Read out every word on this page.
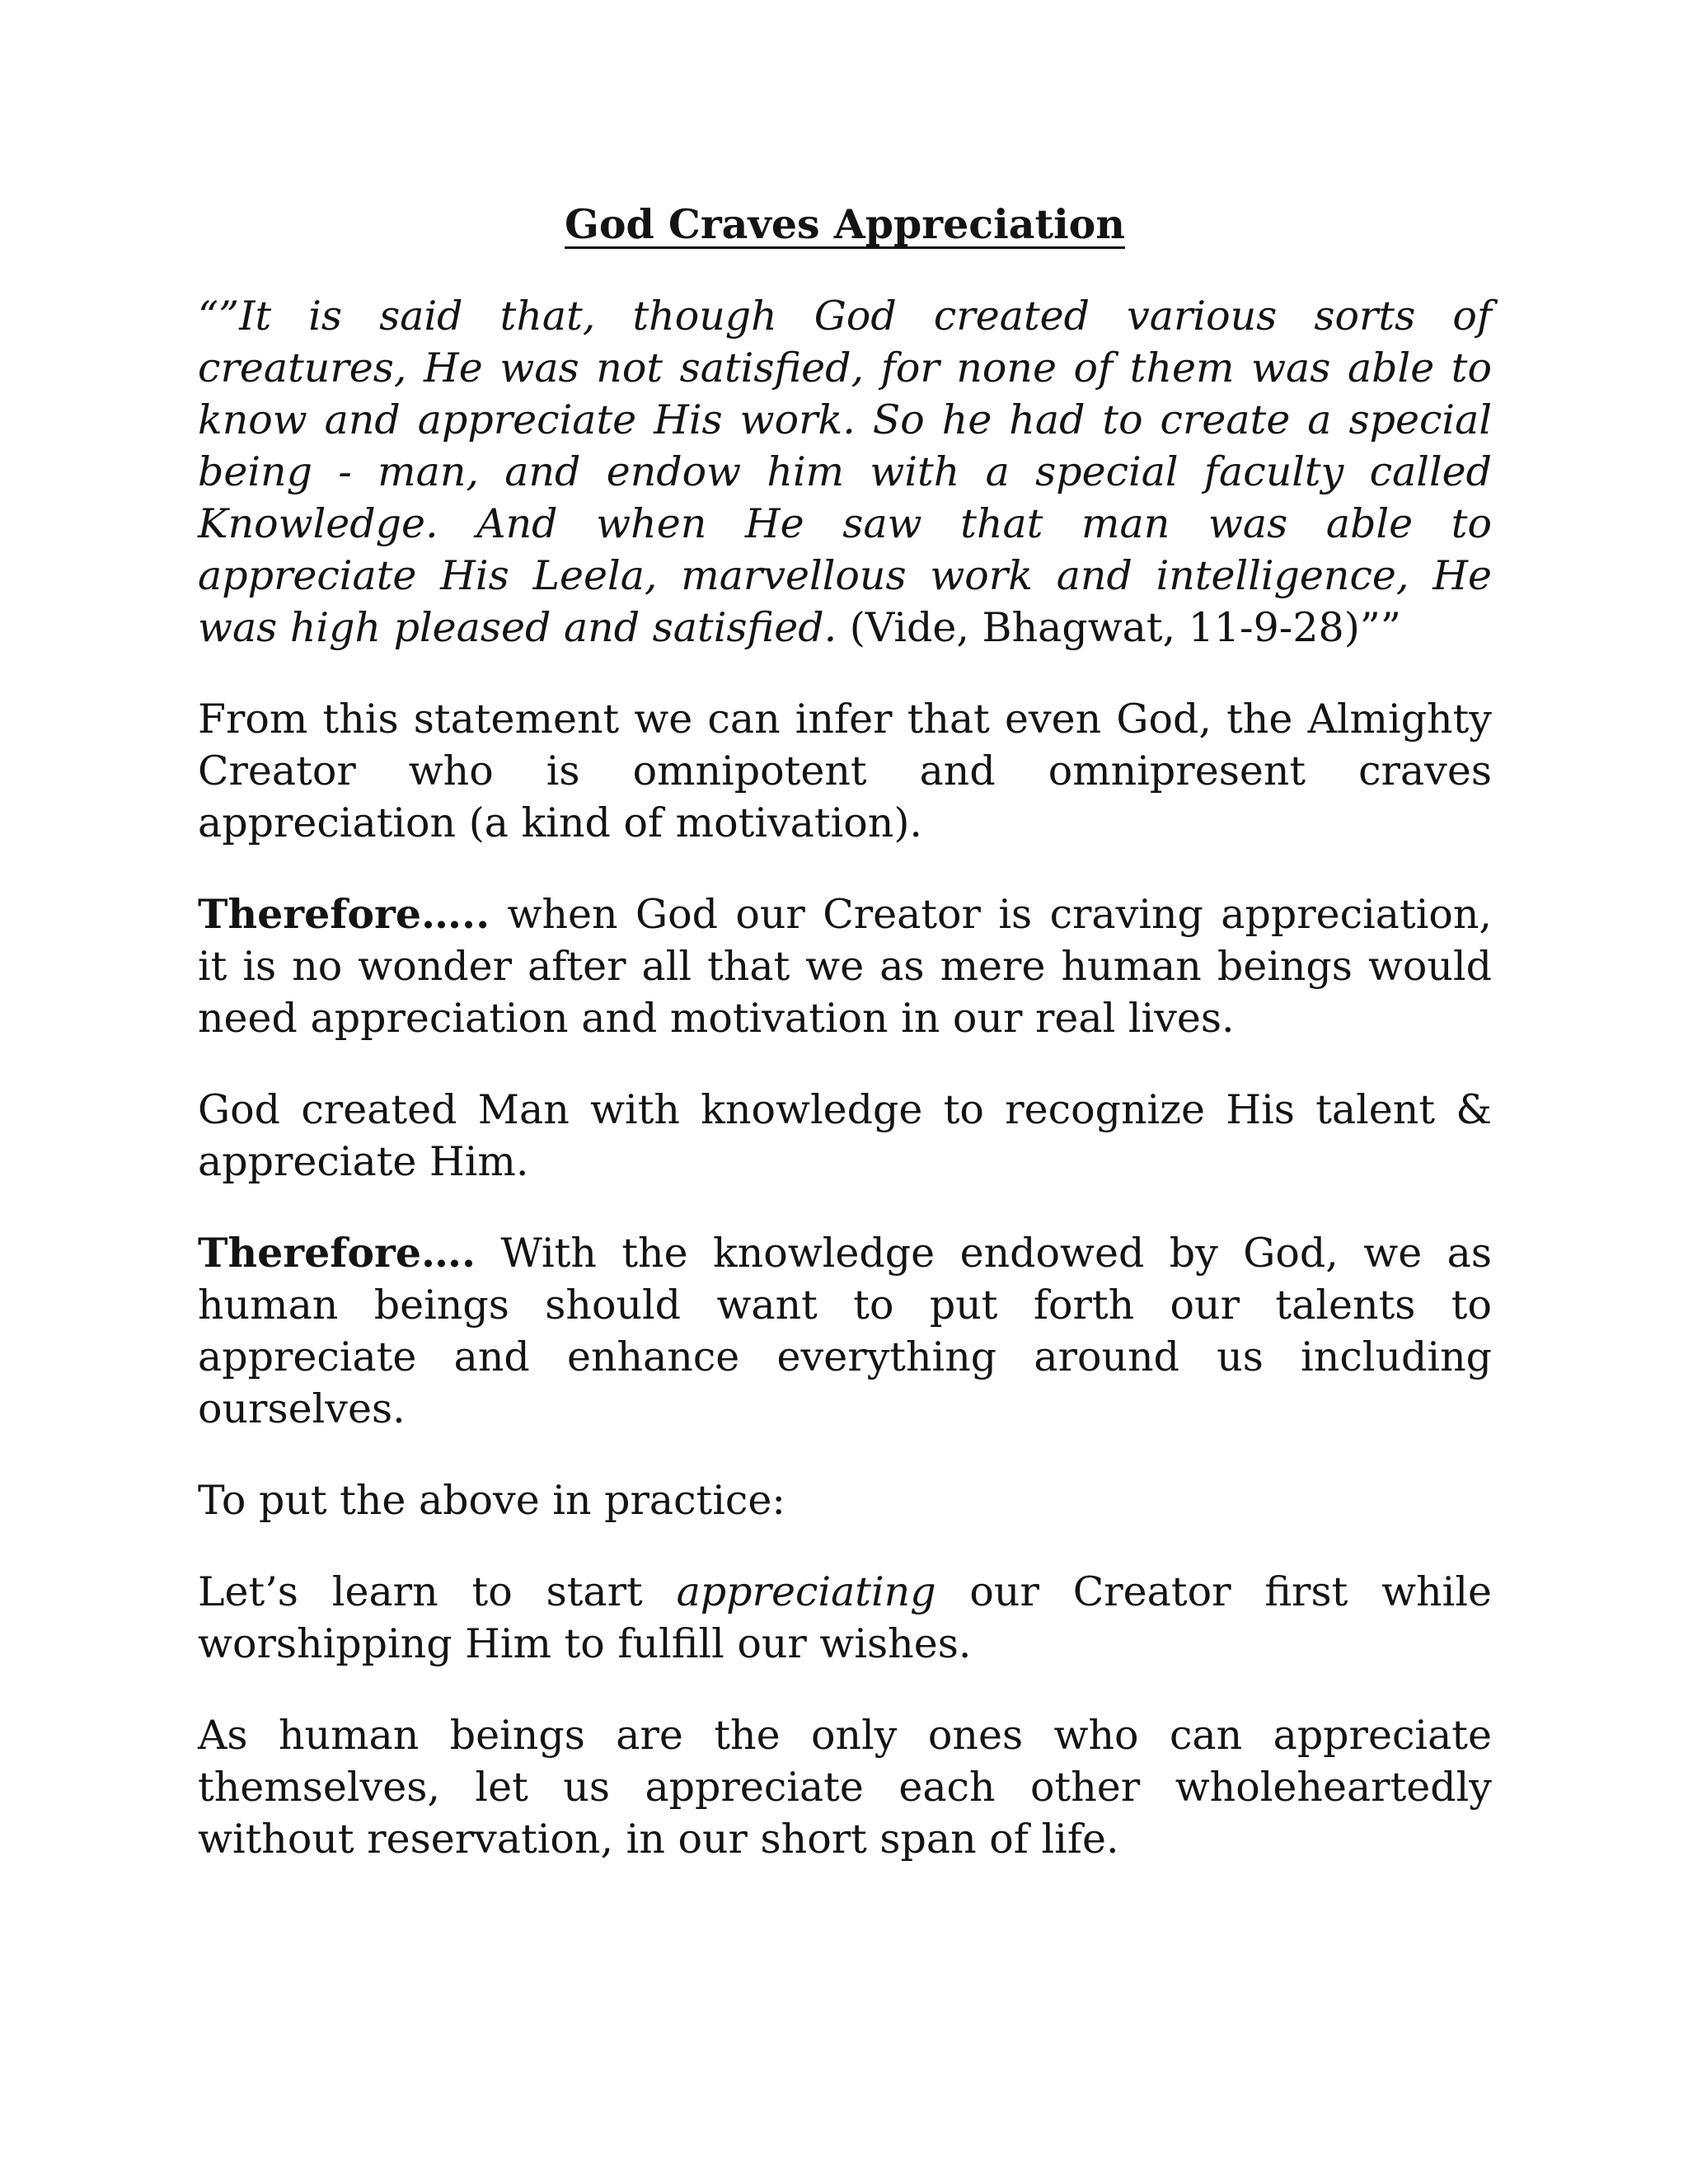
God Craves Appreciation

“”It is said that, though God created various sorts of creatures, He was not satisfied, for none of them was able to know and appreciate His work. So he had to create a special being - man, and endow him with a special faculty called Knowledge. And when He saw that man was able to appreciate His Leela, marvellous work and intelligence, He was high pleased and satisfied. (Vide, Bhagwat, 11-9-28)””

From this statement we can infer that even God, the Almighty Creator who is omnipotent and omnipresent craves appreciation (a kind of motivation).

Therefore….. when God our Creator is craving appreciation, it is no wonder after all that we as mere human beings would need appreciation and motivation in our real lives.

God created Man with knowledge to recognize His talent & appreciate Him.

Therefore…. With the knowledge endowed by God, we as human beings should want to put forth our talents to appreciate and enhance everything around us including ourselves.

To put the above in practice:

Let’s learn to start appreciating our Creator first while worshipping Him to fulfill our wishes.

As human beings are the only ones who can appreciate themselves, let us appreciate each other wholeheartedly without reservation, in our short span of life.
